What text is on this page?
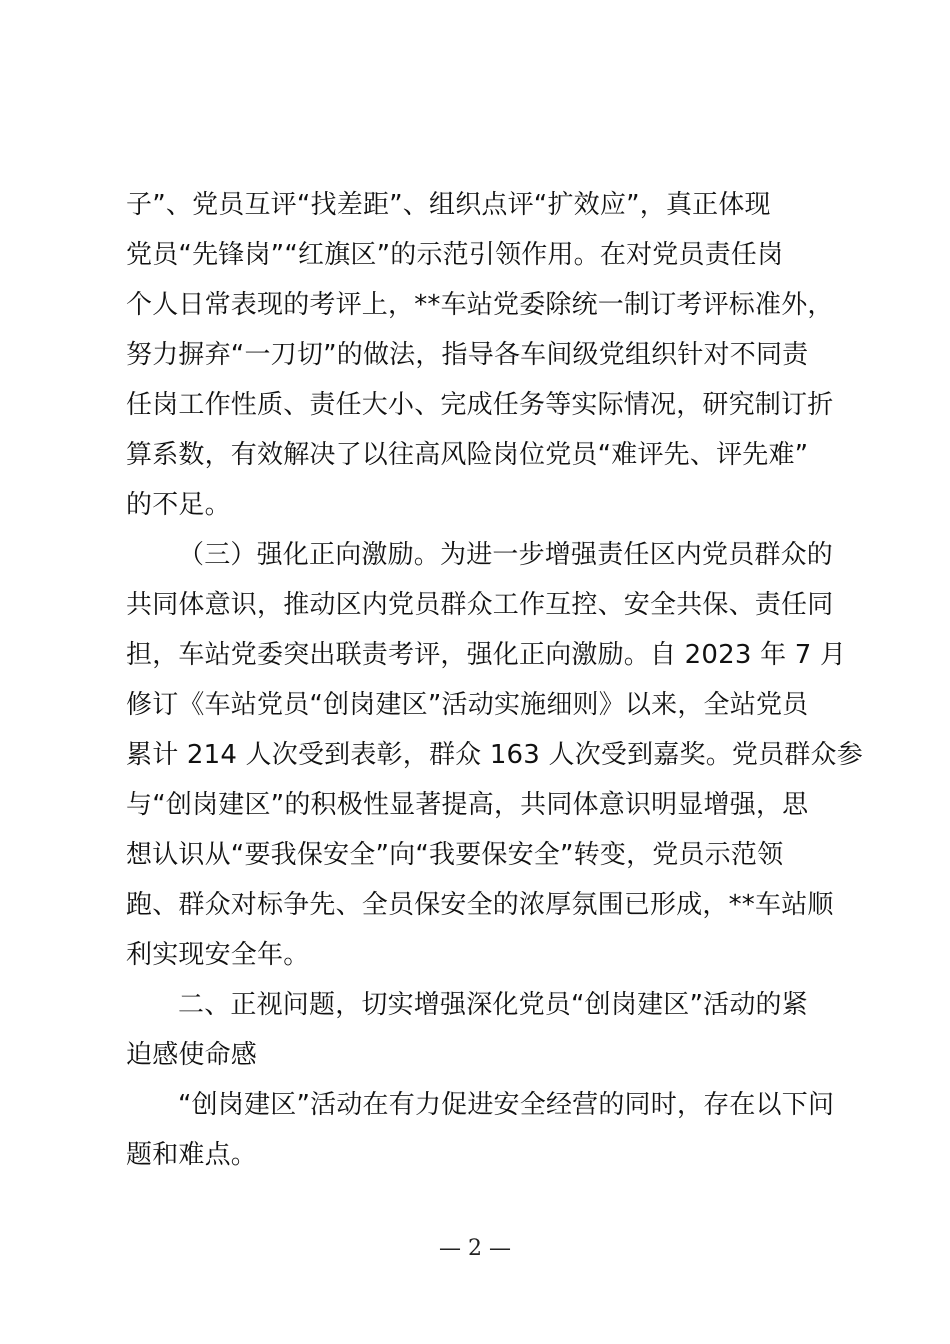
子”、党员互评“找差距”、组织点评“扩效应”，真正体现
党员“先锋岗”“红旗区”的示范引领作用。在对党员责任岗
个人日常表现的考评上，**车站党委除统一制订考评标准外，
努力摒弃“一刀切”的做法，指导各车间级党组织针对不同责
任岗工作性质、责任大小、完成任务等实际情况，研究制订折
算系数，有效解决了以往高风险岗位党员“难评先、评先难”
的不足。
（三）强化正向激励。为进一步增强责任区内党员群众的
共同体意识，推动区内党员群众工作互控、安全共保、责任同
担，车站党委突出联责考评，强化正向激励。自 2023 年 7 月
修订《车站党员“创岗建区”活动实施细则》以来，全站党员
累计 214 人次受到表彰，群众 163 人次受到嘉奖。党员群众参
与“创岗建区”的积极性显著提高，共同体意识明显增强，思
想认识从“要我保安全”向“我要保安全”转变，党员示范领
跑、群众对标争先、全员保安全的浓厚氛围已形成，**车站顺
利实现安全年。
二、正视问题，切实增强深化党员“创岗建区”活动的紧
迫感使命感
“创岗建区”活动在有力促进安全经营的同时，存在以下问
题和难点。
— 2 —
